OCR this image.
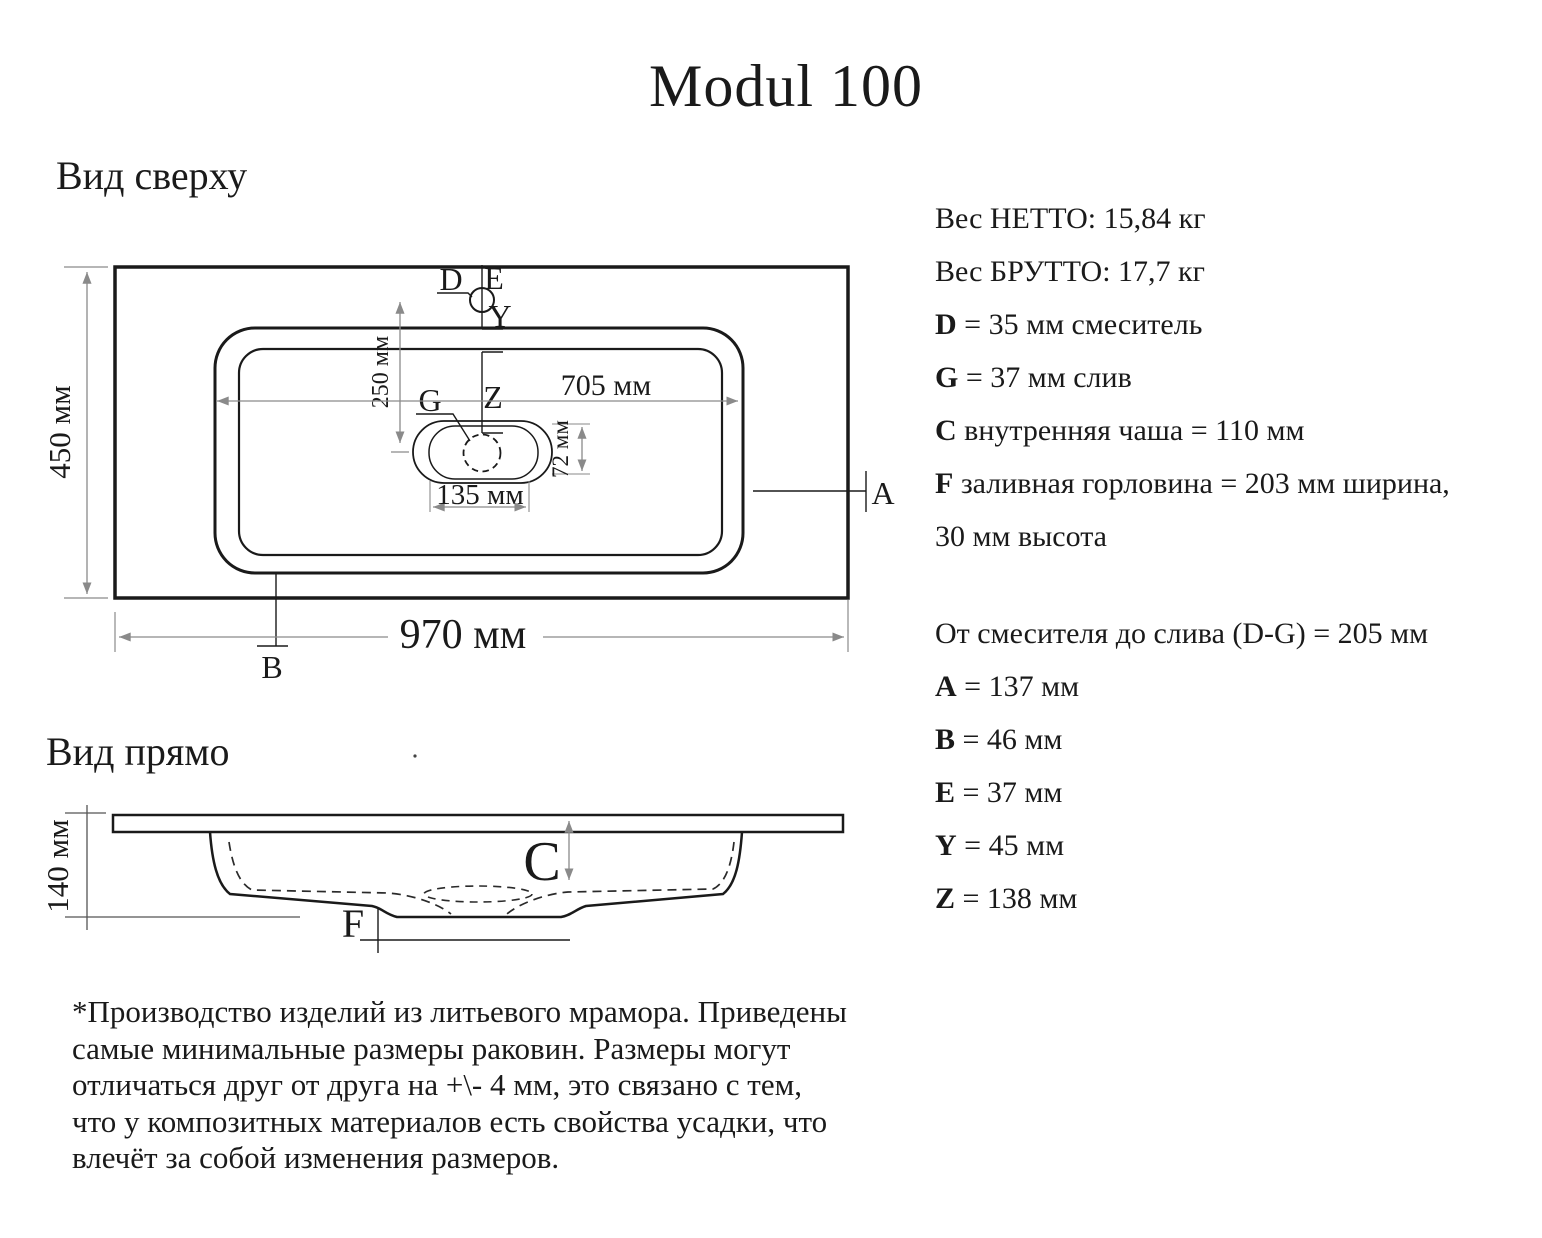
Modul 100
Вид сверху
Вид прямо
D E
Y
Z
G
250 мм	705 мм
72 мм
135 мм	A
B
450 мм
970 мм
140 мм	C
F
Вес НЕТТО: 15,84 кг
Вес БРУТТО: 17,7 кг
D = 35 мм смеситель
G = 37 мм слив
C внутренняя чаша = 110 мм
F заливная горловина = 203 мм ширина,
30 мм высота
От смесителя до слива (D-G) = 205 мм
A = 137 мм
B = 46 мм
E = 37 мм
Y = 45 мм
Z = 138 мм
*Производство изделий из литьевого мрамора. Приведены
самые минимальные размеры раковин. Размеры могут
отличаться друг от друга на +\- 4 мм, это связано с тем,
что у композитных материалов есть свойства усадки, что
влечёт за собой изменения размеров.
